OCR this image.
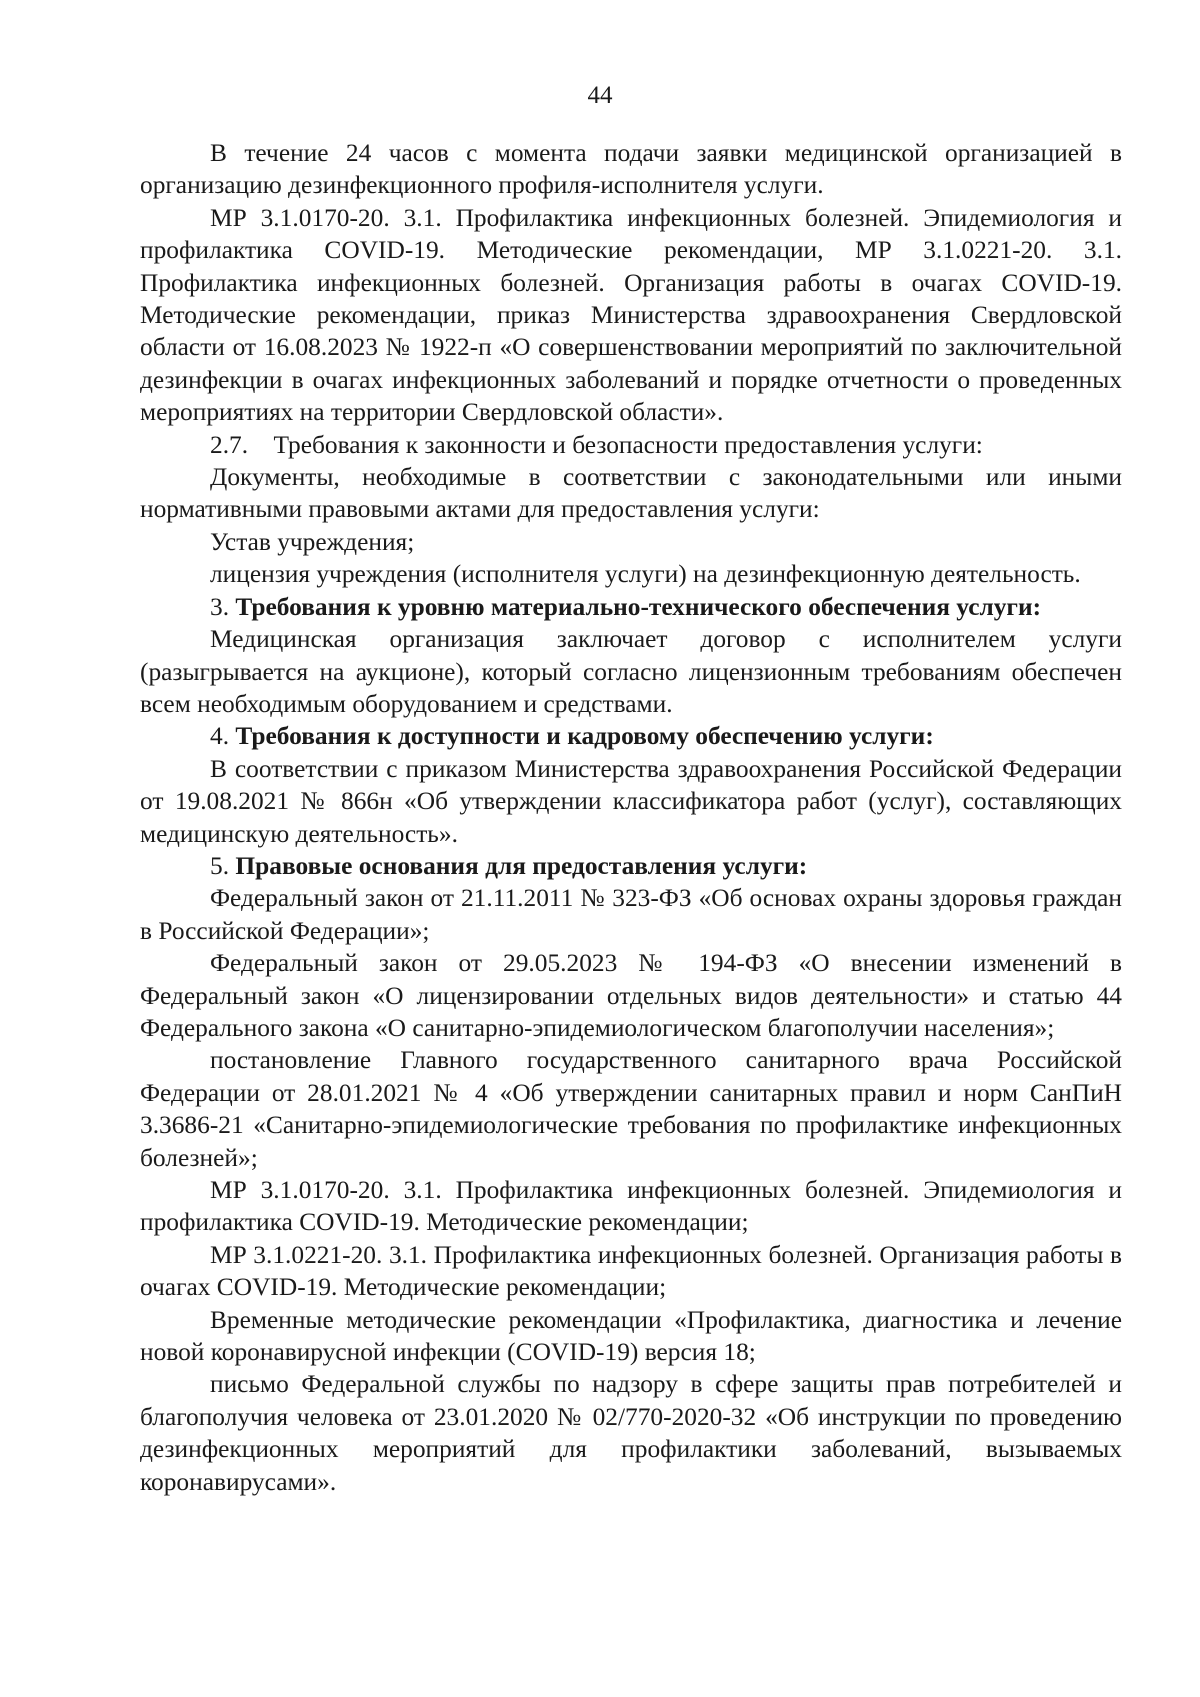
44

В течение 24 часов с момента подачи заявки медицинской организацией в организацию дезинфекционного профиля-исполнителя услуги.

МР 3.1.0170-20. 3.1. Профилактика инфекционных болезней. Эпидемиология и профилактика COVID-19. Методические рекомендации, МР 3.1.0221-20. 3.1. Профилактика инфекционных болезней. Организация работы в очагах COVID-19. Методические рекомендации, приказ Министерства здравоохранения Свердловской области от 16.08.2023 № 1922-п «О совершенствовании мероприятий по заключительной дезинфекции в очагах инфекционных заболеваний и порядке отчетности о проведенных мероприятиях на территории Свердловской области».

2.7. Требования к законности и безопасности предоставления услуги:

Документы, необходимые в соответствии с законодательными или иными нормативными правовыми актами для предоставления услуги:

Устав учреждения;

лицензия учреждения (исполнителя услуги) на дезинфекционную деятельность.

3. Требования к уровню материально-технического обеспечения услуги:

Медицинская организация заключает договор с исполнителем услуги (разыгрывается на аукционе), который согласно лицензионным требованиям обеспечен всем необходимым оборудованием и средствами.

4. Требования к доступности и кадровому обеспечению услуги:

В соответствии с приказом Министерства здравоохранения Российской Федерации от 19.08.2021 № 866н «Об утверждении классификатора работ (услуг), составляющих медицинскую деятельность».

5. Правовые основания для предоставления услуги:

Федеральный закон от 21.11.2011 № 323-ФЗ «Об основах охраны здоровья граждан в Российской Федерации»;

Федеральный закон от 29.05.2023 № 194-ФЗ «О внесении изменений в Федеральный закон «О лицензировании отдельных видов деятельности» и статью 44 Федерального закона «О санитарно-эпидемиологическом благополучии населения»;

постановление Главного государственного санитарного врача Российской Федерации от 28.01.2021 № 4 «Об утверждении санитарных правил и норм СанПиН 3.3686-21 «Санитарно-эпидемиологические требования по профилактике инфекционных болезней»;

МР 3.1.0170-20. 3.1. Профилактика инфекционных болезней. Эпидемиология и профилактика COVID-19. Методические рекомендации;

МР 3.1.0221-20. 3.1. Профилактика инфекционных болезней. Организация работы в очагах COVID-19. Методические рекомендации;

Временные методические рекомендации «Профилактика, диагностика и лечение новой коронавирусной инфекции (COVID-19) версия 18;

письмо Федеральной службы по надзору в сфере защиты прав потребителей и благополучия человека от 23.01.2020 № 02/770-2020-32 «Об инструкции по проведению дезинфекционных мероприятий для профилактики заболеваний, вызываемых коронавирусами».
